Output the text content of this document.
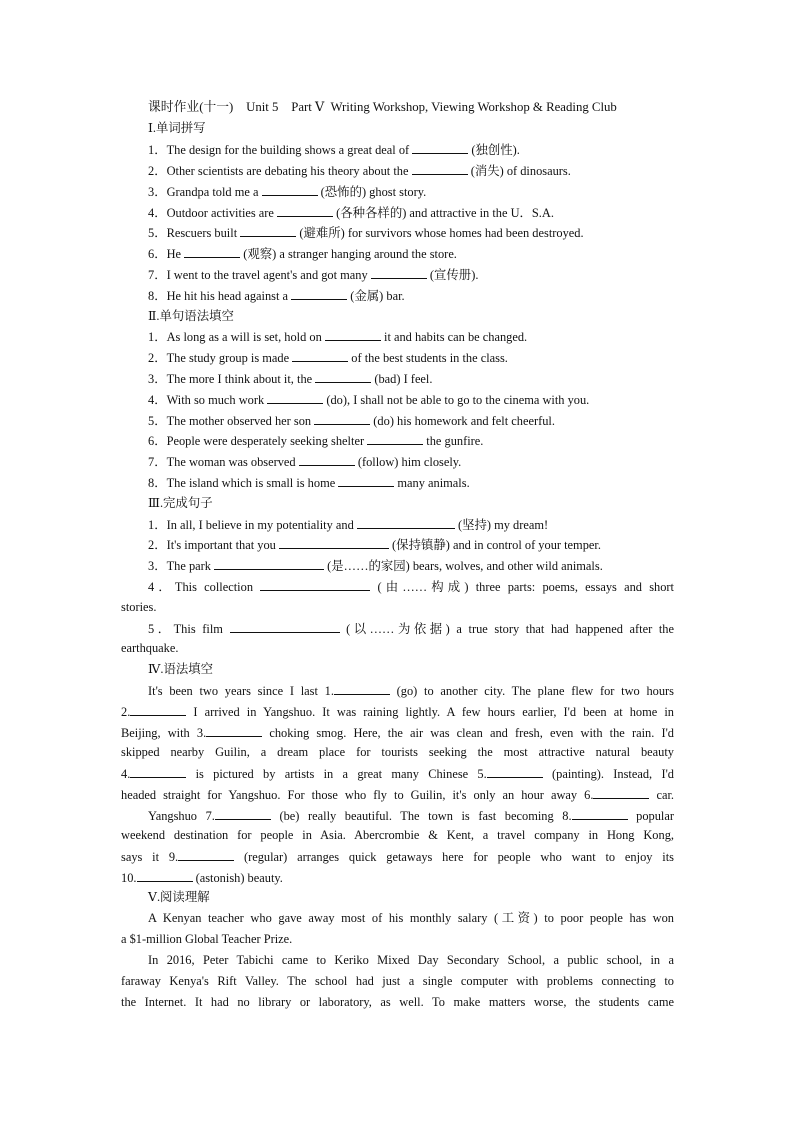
课时作业(十一)　Unit 5　Part Ⅴ  Writing Workshop, Viewing Workshop & Reading Club
Ⅰ.单词拼写
1．The design for the building shows a great deal of	(独创性).
2．Other scientists are debating his theory about the	(消失) of dinosaurs.
3．Grandpa told me a	(恐怖的) ghost story.
4．Outdoor activities are	(各种各样的) and attractive in the U．S.A.
5．Rescuers built	(避难所) for survivors whose homes had been destroyed.
6．He	(观察) a stranger hanging around the store.
7．I went to the travel agent's and got many	(宣传册).
8．He hit his head against a	(金属) bar.
Ⅱ.单句语法填空
1．As long as a will is set, hold on	it and habits can be changed.
2．The study group is made	of the best students in the class.
3．The more I think about it, the	(bad) I feel.
4．With so much work	(do), I shall not be able to go to the cinema with you.
5．The mother observed her son	(do) his homework and felt cheerful.
6．People were desperately seeking shelter	the gunfire.
7．The woman was observed	(follow) him closely.
8．The island which is small is home	many animals.
Ⅲ.完成句子
1．In all, I believe in my potentiality and	(坚持) my dream!
2．It's important that you	(保持镇静) and in control of your temper.
3．The park	(是……的家园) bears, wolves, and other wild animals.
4．This collection	(由……构成) three parts: poems, essays and short
stories.
5．This film	(以……为依据) a true story that had happened after the
earthquake.
Ⅳ.语法填空
It's been two years since I last 1.	(go) to another city. The plane flew for two hours
2.	I arrived in Yangshuo. It was raining lightly. A few hours earlier, I'd been at home in
Beijing, with 3.	choking smog. Here, the air was clean and fresh, even with the rain. I'd
skipped nearby Guilin, a dream place for tourists seeking the most attractive natural beauty
4.	is pictured by artists in a great many Chinese 5.	(painting). Instead, I'd
headed straight for Yangshuo. For those who fly to Guilin, it's only an hour away 6.	car.
Yangshuo 7.	(be) really beautiful. The town is fast becoming 8.	popular
weekend destination for people in Asia. Abercrombie & Kent, a travel company in Hong Kong,
says it 9.	(regular) arranges quick getaways here for people who want to enjoy its
10.	(astonish) beauty.
Ⅴ.阅读理解
A Kenyan teacher who gave away most of his monthly salary (工资) to poor people has won
a $1-million Global Teacher Prize.
In 2016, Peter Tabichi came to Keriko Mixed Day Secondary School, a public school, in a
faraway Kenya's Rift Valley. The school had just a single computer with problems connecting to
the Internet. It had no library or laboratory, as well. To make matters worse, the students came
